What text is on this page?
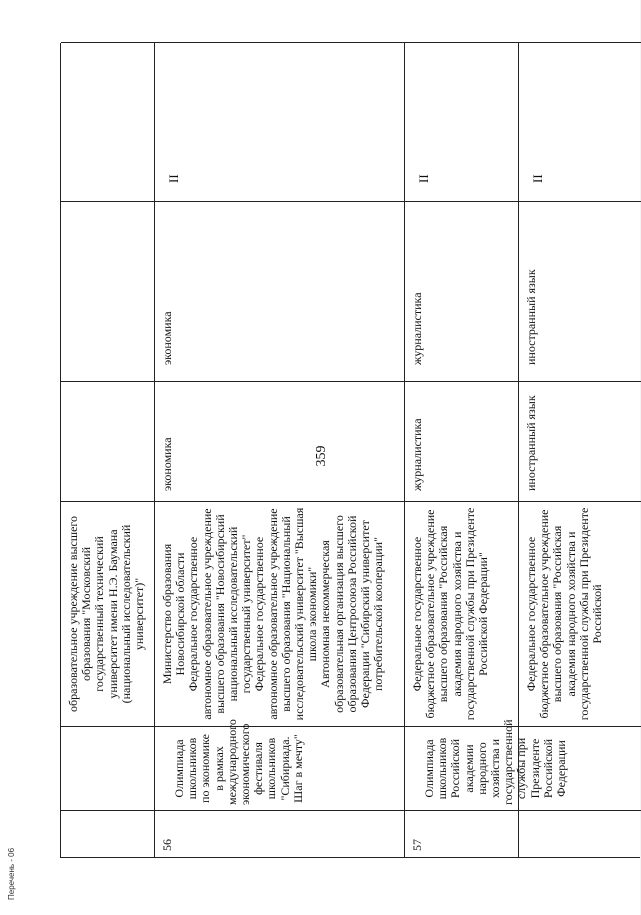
359
образовательное учреждение высшего образования "Московский государственный технический университет имени Н.Э. Баумана (национальный исследовательский университет)"
56
Олимпиада школьников по экономике в рамках международного экономического фестиваля школьников "Сибириада. Шаг в мечту"
Министерство образования Новосибирской области
Федеральное государственное автономное образовательное учреждение высшего образования "Новосибирский национальный исследовательский государственный университет"
Федеральное государственное автономное образовательное учреждение высшего образования "Национальный исследовательский университет "Высшая школа экономики"
Автономная некоммерческая образовательная организация высшего образования Центросоюза Российской Федерации "Сибирский университет потребительской кооперации"
экономика
экономика
II
57
Олимпиада школьников Российской академии народного хозяйства и государственной службы при Президенте Российской Федерации
Федеральное государственное бюджетное образовательное учреждение высшего образования "Российская академия народного хозяйства и государственной службы при Президенте Российской Федерации"
журналистика
журналистика
II
Федеральное государственное бюджетное образовательное учреждение высшего образования "Российская академия народного хозяйства и государственной службы при Президенте Российской
иностранный язык
иностранный язык
II
Перечень - 06
